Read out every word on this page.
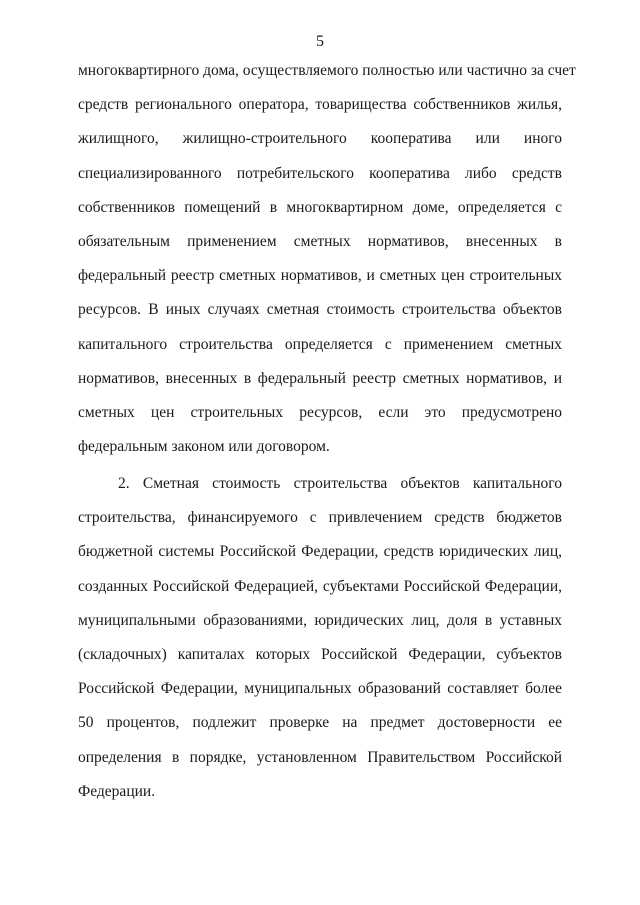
5
многоквартирного дома, осуществляемого полностью или частично за счет
средств регионального оператора, товарищества собственников жилья,
жилищного, жилищно-строительного кооператива или иного
специализированного потребительского кооператива либо средств
собственников помещений в многоквартирном доме, определяется с
обязательным применением сметных нормативов, внесенных в
федеральный реестр сметных нормативов, и сметных цен строительных
ресурсов. В иных случаях сметная стоимость строительства объектов
капитального строительства определяется с применением сметных
нормативов, внесенных в федеральный реестр сметных нормативов, и
сметных цен строительных ресурсов, если это предусмотрено
федеральным законом или договором.
2. Сметная стоимость строительства объектов капитального
строительства, финансируемого с привлечением средств бюджетов
бюджетной системы Российской Федерации, средств юридических лиц,
созданных Российской Федерацией, субъектами Российской Федерации,
муниципальными образованиями, юридических лиц, доля в уставных
(складочных) капиталах которых Российской Федерации, субъектов
Российской Федерации, муниципальных образований составляет более
50 процентов, подлежит проверке на предмет достоверности ее
определения в порядке, установленном Правительством Российской
Федерации.
